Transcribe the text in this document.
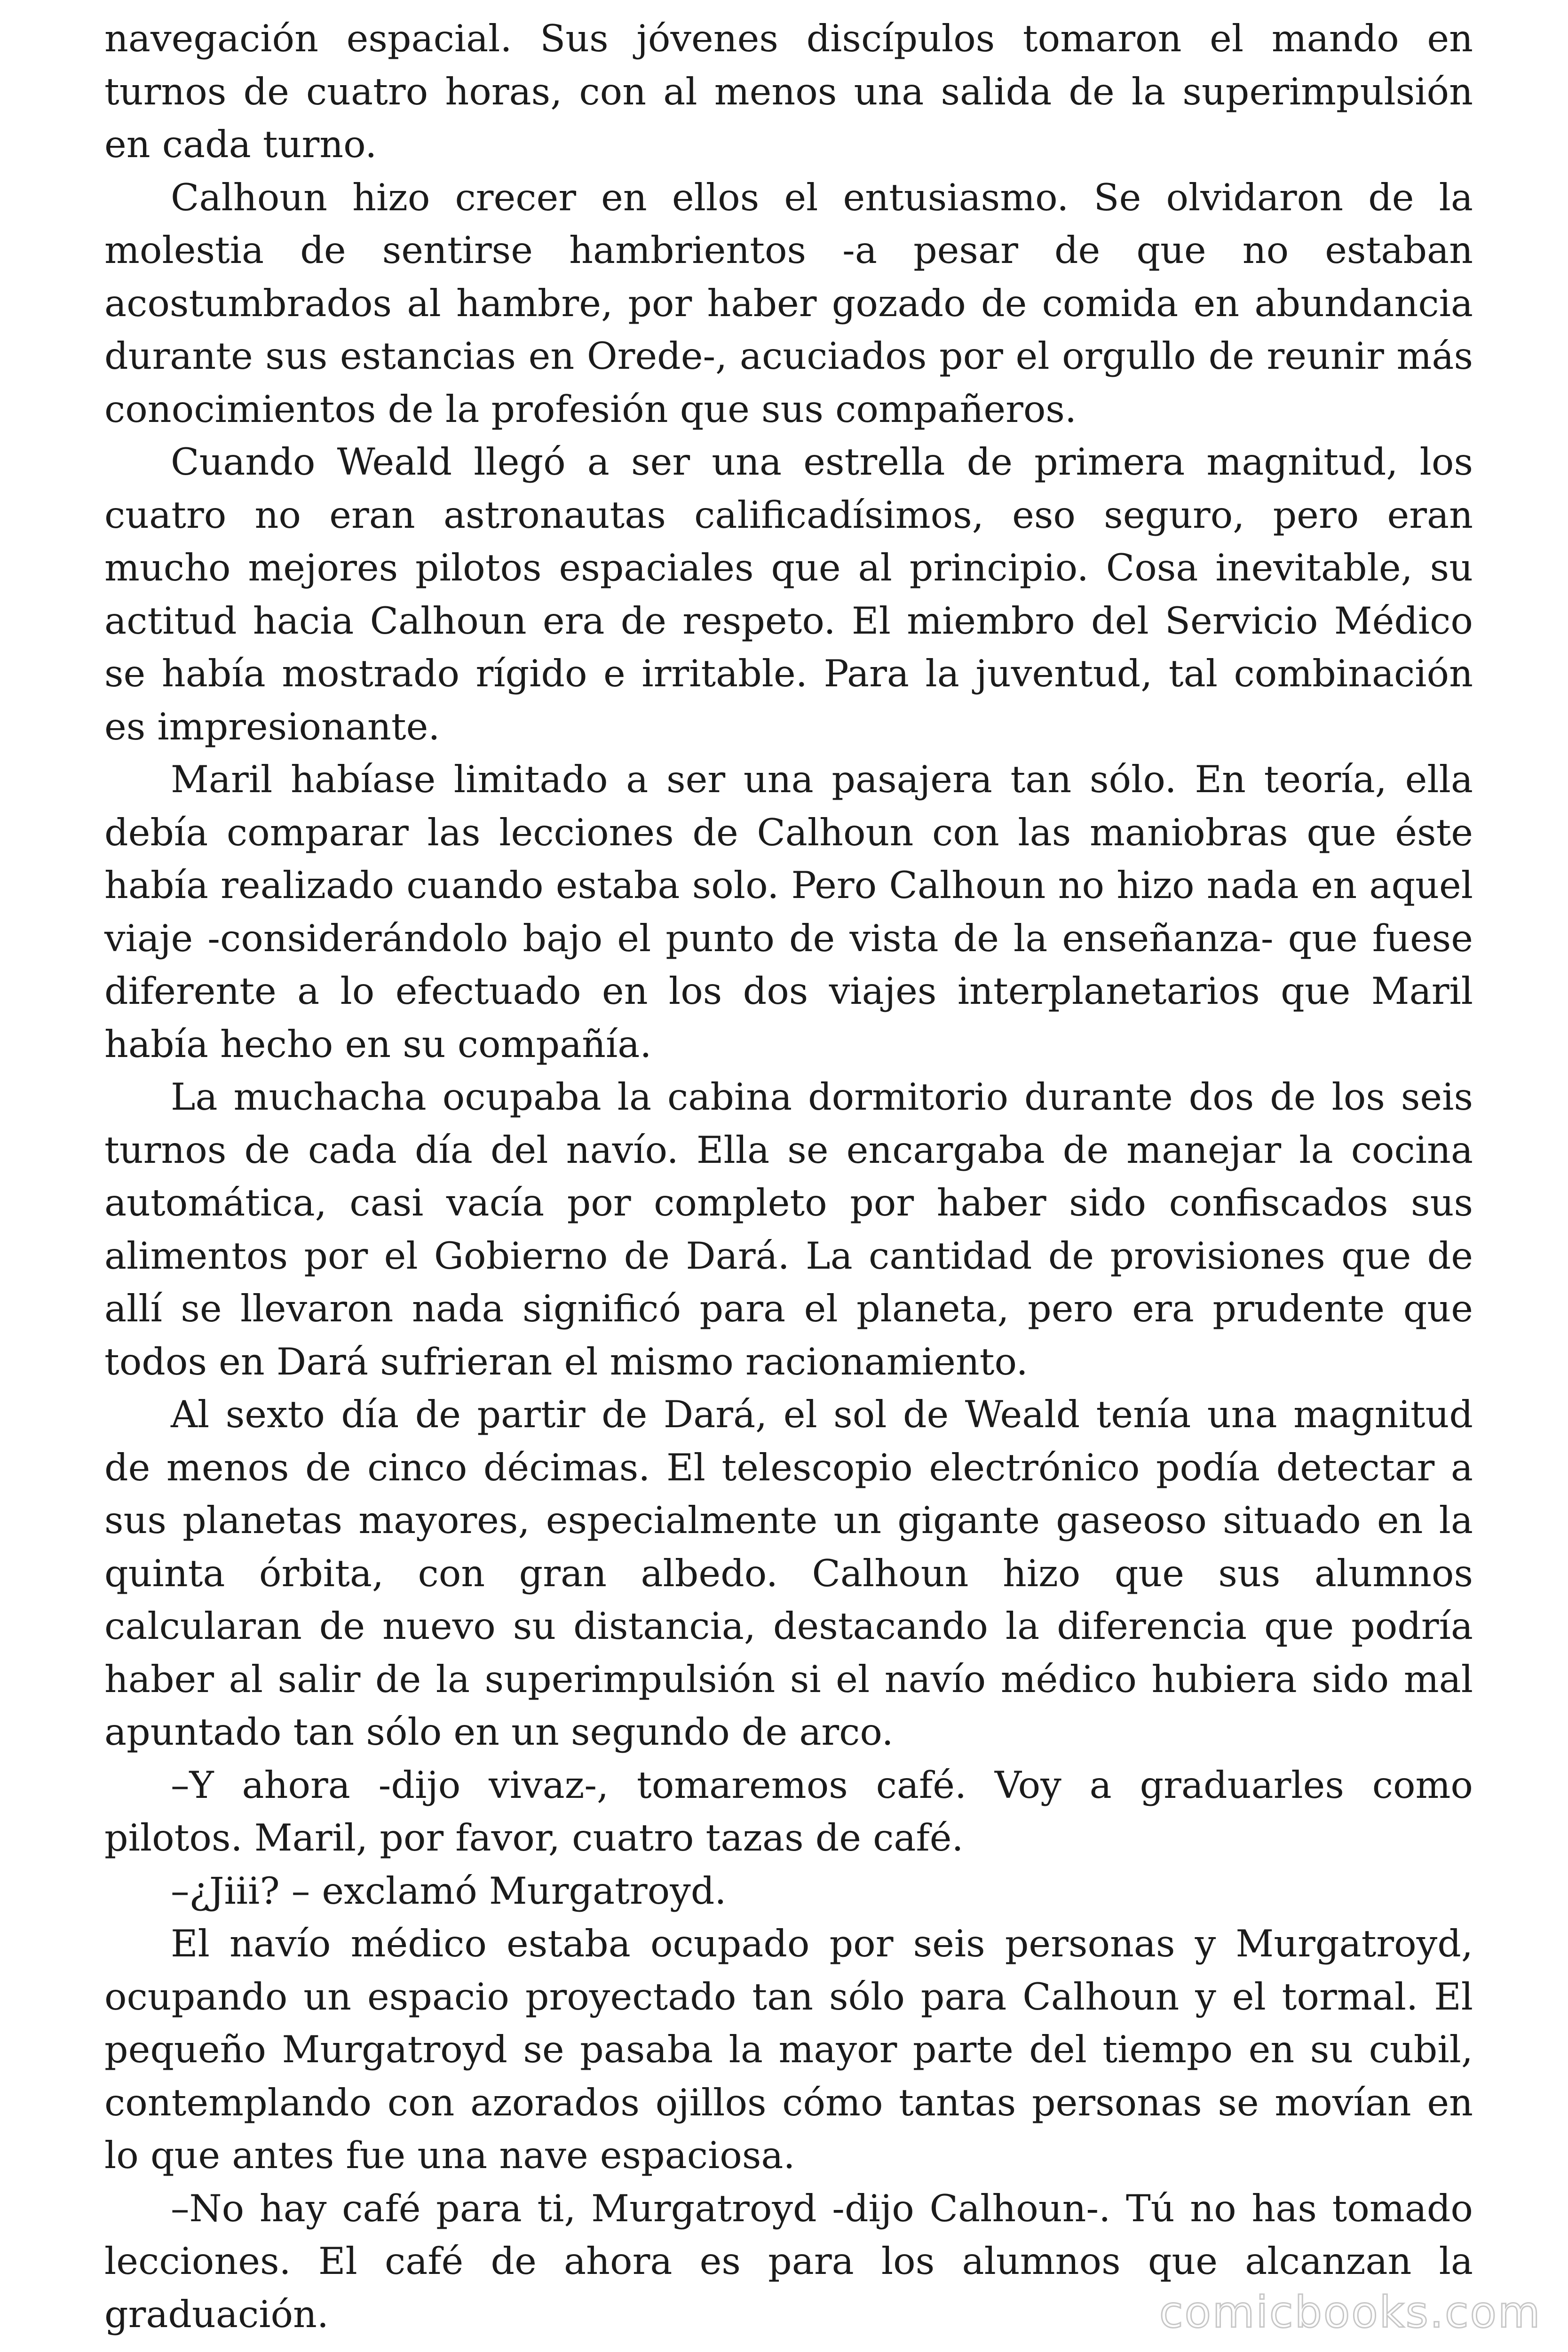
navegación espacial. Sus jóvenes discípulos tomaron el mando en turnos de cuatro horas, con al menos una salida de la superimpulsión en cada turno.

Calhoun hizo crecer en ellos el entusiasmo. Se olvidaron de la molestia de sentirse hambrientos -a pesar de que no estaban acostumbrados al hambre, por haber gozado de comida en abundancia durante sus estancias en Orede-, acuciados por el orgullo de reunir más conocimientos de la profesión que sus compañeros.

Cuando Weald llegó a ser una estrella de primera magnitud, los cuatro no eran astronautas calificadísimos, eso seguro, pero eran mucho mejores pilotos espaciales que al principio. Cosa inevitable, su actitud hacia Calhoun era de respeto. El miembro del Servicio Médico se había mostrado rígido e irritable. Para la juventud, tal combinación es impresionante.

Maril habíase limitado a ser una pasajera tan sólo. En teoría, ella debía comparar las lecciones de Calhoun con las maniobras que éste había realizado cuando estaba solo. Pero Calhoun no hizo nada en aquel viaje -considerándolo bajo el punto de vista de la enseñanza- que fuese diferente a lo efectuado en los dos viajes interplanetarios que Maril había hecho en su compañía.

La muchacha ocupaba la cabina dormitorio durante dos de los seis turnos de cada día del navío. Ella se encargaba de manejar la cocina automática, casi vacía por completo por haber sido confiscados sus alimentos por el Gobierno de Dará. La cantidad de provisiones que de allí se llevaron nada significó para el planeta, pero era prudente que todos en Dará sufrieran el mismo racionamiento.

Al sexto día de partir de Dará, el sol de Weald tenía una magnitud de menos de cinco décimas. El telescopio electrónico podía detectar a sus planetas mayores, especialmente un gigante gaseoso situado en la quinta órbita, con gran albedo. Calhoun hizo que sus alumnos calcularan de nuevo su distancia, destacando la diferencia que podría haber al salir de la superimpulsión si el navío médico hubiera sido mal apuntado tan sólo en un segundo de arco.

–Y ahora -dijo vivaz-, tomaremos café. Voy a graduarles como pilotos. Maril, por favor, cuatro tazas de café.

–¿Jiii? – exclamó Murgatroyd.

El navío médico estaba ocupado por seis personas y Murgatroyd, ocupando un espacio proyectado tan sólo para Calhoun y el tormal. El pequeño Murgatroyd se pasaba la mayor parte del tiempo en su cubil, contemplando con azorados ojillos cómo tantas personas se movían en lo que antes fue una nave espaciosa.

–No hay café para ti, Murgatroyd -dijo Calhoun-. Tú no has tomado lecciones. El café de ahora es para los alumnos que alcanzan la graduación.	comicbooks.com
